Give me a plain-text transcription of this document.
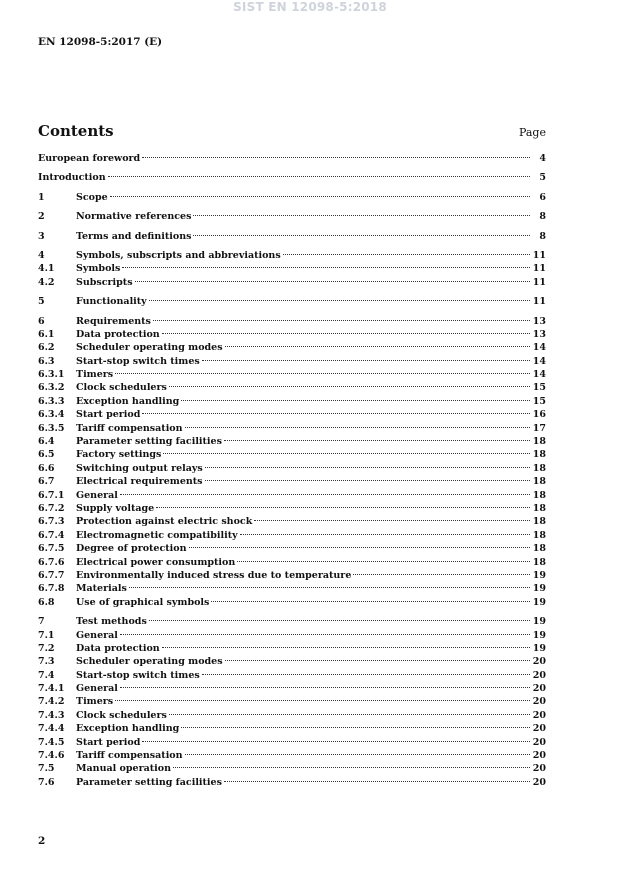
SIST EN 12098-5:2018
EN 12098-5:2017 (E)
Contents	Page
European foreword	4
Introduction	5
1	Scope	6
2	Normative references	8
3	Terms and definitions	8
4	Symbols, subscripts and abbreviations	11
4.1	Symbols	11
4.2	Subscripts	11
5	Functionality	11
6	Requirements	13
6.1	Data protection	13
6.2	Scheduler operating modes	14
6.3	Start-stop switch times	14
6.3.1	Timers	14
6.3.2	Clock schedulers	15
6.3.3	Exception handling	15
6.3.4	Start period	16
6.3.5	Tariff compensation	17
6.4	Parameter setting facilities	18
6.5	Factory settings	18
6.6	Switching output relays	18
6.7	Electrical requirements	18
6.7.1	General	18
6.7.2	Supply voltage	18
6.7.3	Protection against electric shock	18
6.7.4	Electromagnetic compatibility	18
6.7.5	Degree of protection	18
6.7.6	Electrical power consumption	18
6.7.7	Environmentally induced stress due to temperature	19
6.7.8	Materials	19
6.8	Use of graphical symbols	19
7	Test methods	19
7.1	General	19
7.2	Data protection	19
7.3	Scheduler operating modes	20
7.4	Start-stop switch times	20
7.4.1	General	20
7.4.2	Timers	20
7.4.3	Clock schedulers	20
7.4.4	Exception handling	20
7.4.5	Start period	20
7.4.6	Tariff compensation	20
7.5	Manual operation	20
7.6	Parameter setting facilities	20
2
